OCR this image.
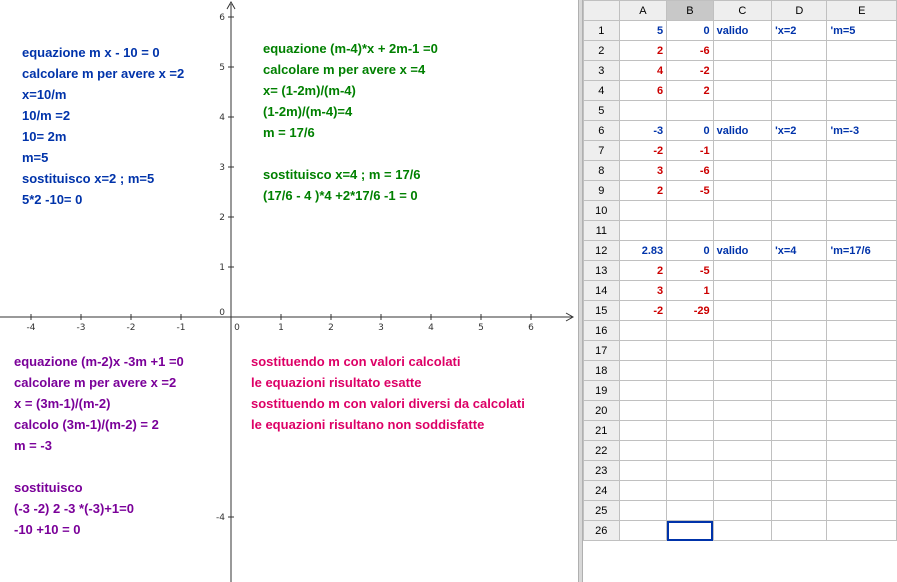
-4	-3	-2	-1	0	1	2	3	4	5	6
6
5
4
3
2
1
0
-4
equazione m x - 10 = 0
calcolare m per avere x =2
x=10/m
10/m =2
10= 2m
m=5
sostituisco x=2 ; m=5
5*2 -10= 0
equazione (m-4)*x + 2m-1 =0
calcolare m per avere x =4
x= (1-2m)/(m-4)
(1-2m)/(m-4)=4
m = 17/6
sostituisco x=4 ; m = 17/6
(17/6 - 4 )*4 +2*17/6 -1 = 0
equazione (m-2)x -3m +1 =0
calcolare m per avere x =2
x = (3m-1)/(m-2)
calcolo (3m-1)/(m-2) = 2
m = -3
sostituisco
(-3 -2) 2 -3 *(-3)+1=0
-10 +10 = 0
sostituendo m con valori calcolati
le equazioni risultato esatte
sostituendo m con valori diversi da calcolati
le equazioni risultano non soddisfatte
	A	B	C	D	E
1	5	0	valido	'x=2	'm=5
2	2	-6			
3	4	-2			
4	6	2			
5					
6	-3	0	valido	'x=2	'm=-3
7	-2	-1			
8	3	-6			
9	2	-5			
10					
11					
12	2.83	0	valido	'x=4	'm=17/6
13	2	-5			
14	3	1			
15	-2	-29			
16					
17					
18					
19					
20					
21					
22					
23					
24					
25					
26					
